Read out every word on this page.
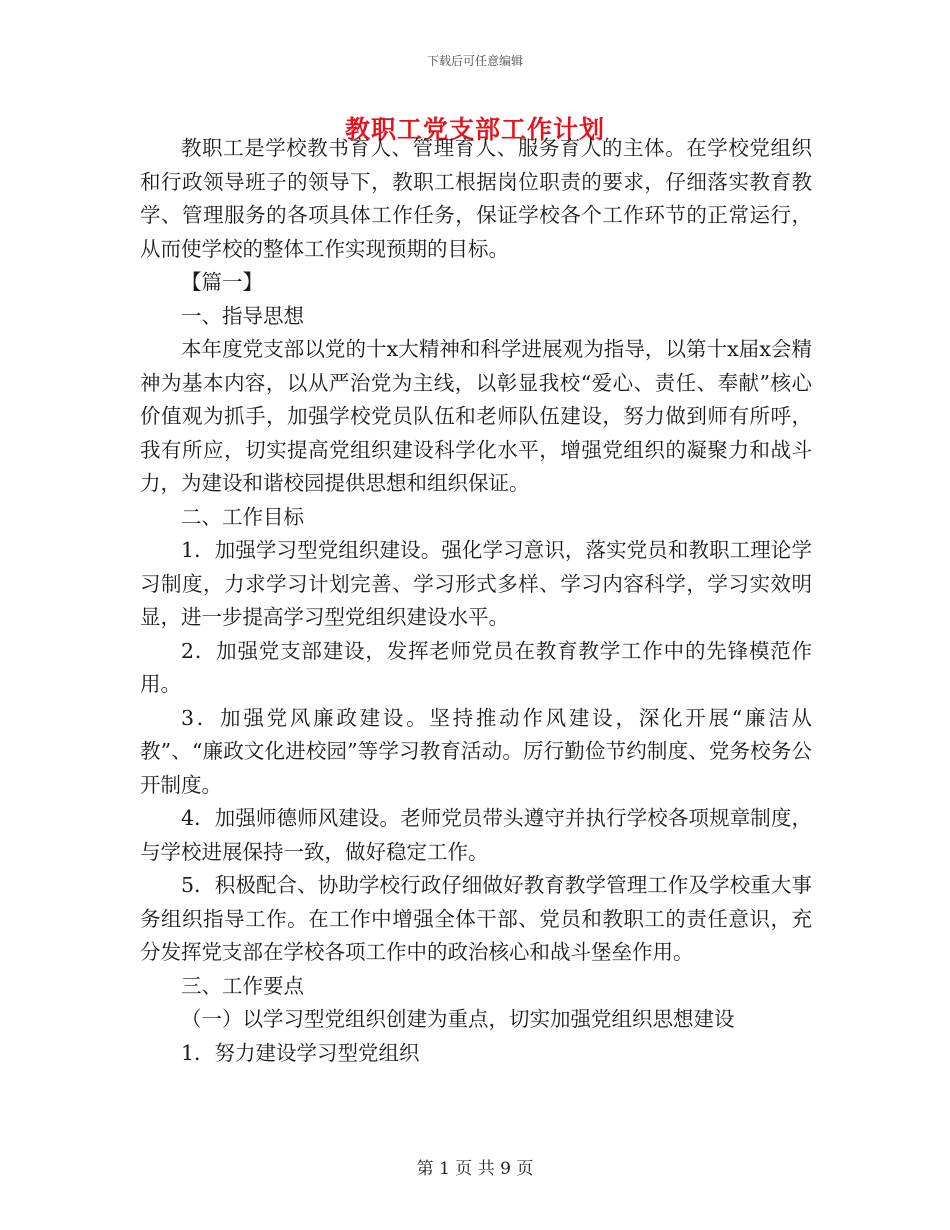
下载后可任意编辑
教职工党支部工作计划

教职工是学校教书育人、管理育人、服务育人的主体。在学校党组织和行政领导班子的领导下，教职工根据岗位职责的要求，仔细落实教育教学、管理服务的各项具体工作任务，保证学校各个工作环节的正常运行，从而使学校的整体工作实现预期的目标。

【篇一】

一、指导思想

本年度党支部以党的十x大精神和科学进展观为指导，以第十x届x会精神为基本内容，以从严治党为主线，以彰显我校“爱心、责任、奉献”核心价值观为抓手，加强学校党员队伍和老师队伍建设，努力做到师有所呼，我有所应，切实提高党组织建设科学化水平，增强党组织的凝聚力和战斗力，为建设和谐校园提供思想和组织保证。

二、工作目标

1．加强学习型党组织建设。强化学习意识，落实党员和教职工理论学习制度，力求学习计划完善、学习形式多样、学习内容科学，学习实效明显，进一步提高学习型党组织建设水平。

2．加强党支部建设，发挥老师党员在教育教学工作中的先锋模范作用。

3．加强党风廉政建设。坚持推动作风建设，深化开展“廉洁从教”、“廉政文化进校园”等学习教育活动。厉行勤俭节约制度、党务校务公开制度。

4．加强师德师风建设。老师党员带头遵守并执行学校各项规章制度，与学校进展保持一致，做好稳定工作。

5．积极配合、协助学校行政仔细做好教育教学管理工作及学校重大事务组织指导工作。在工作中增强全体干部、党员和教职工的责任意识，充分发挥党支部在学校各项工作中的政治核心和战斗堡垒作用。

三、工作要点

（一）以学习型党组织创建为重点，切实加强党组织思想建设

1．努力建设学习型党组织

第 1 页 共 9 页
